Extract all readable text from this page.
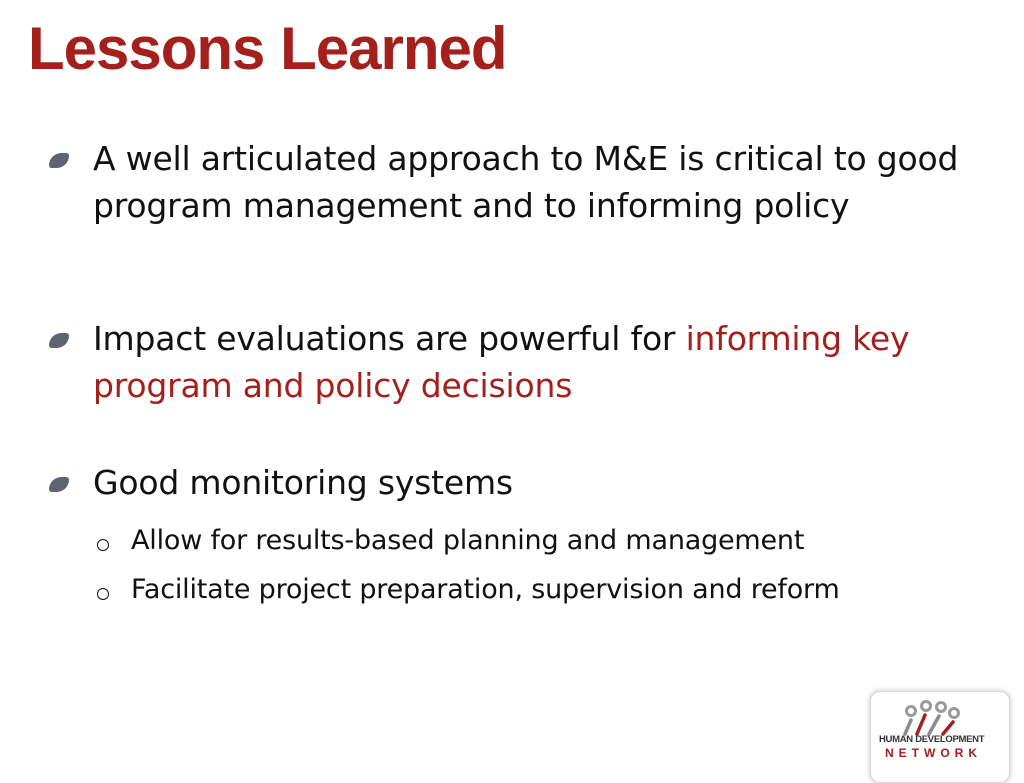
Lessons Learned
A well articulated approach to M&E is critical to good program management and to informing policy
Impact evaluations are powerful for informing key program and policy decisions
Good monitoring systems
Allow for results-based planning and management
Facilitate project preparation, supervision and reform
HUMAN DEVELOPMENT
NETWORK
